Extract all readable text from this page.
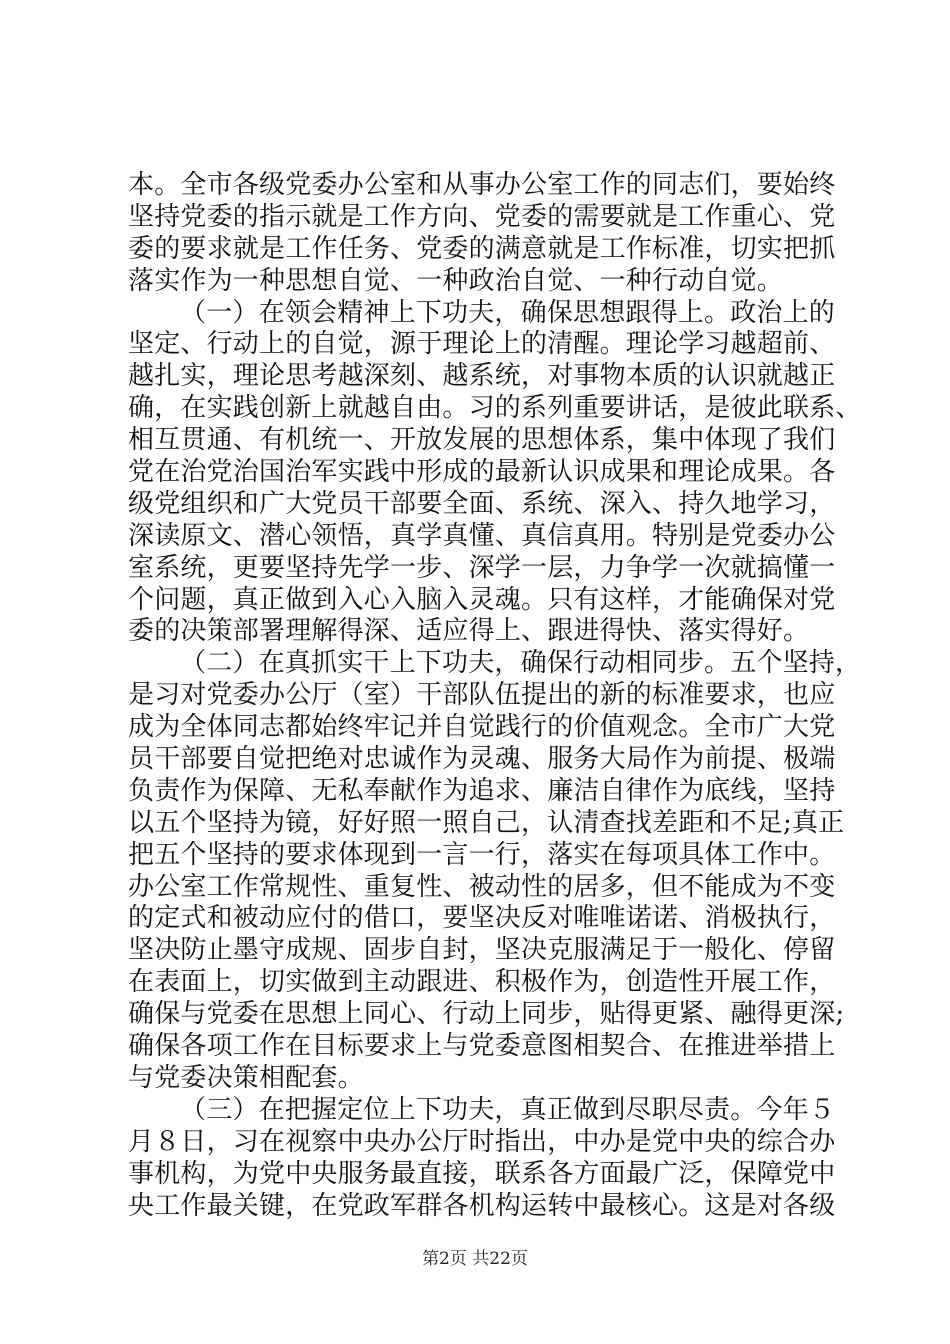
本。全市各级党委办公室和从事办公室工作的同志们，要始终
坚持党委的指示就是工作方向、党委的需要就是工作重心、党
委的要求就是工作任务、党委的满意就是工作标准，切实把抓
落实作为一种思想自觉、一种政治自觉、一种行动自觉。
（一）在领会精神上下功夫，确保思想跟得上。政治上的
坚定、行动上的自觉，源于理论上的清醒。理论学习越超前、
越扎实，理论思考越深刻、越系统，对事物本质的认识就越正
确，在实践创新上就越自由。习的系列重要讲话，是彼此联系、
相互贯通、有机统一、开放发展的思想体系，集中体现了我们
党在治党治国治军实践中形成的最新认识成果和理论成果。各
级党组织和广大党员干部要全面、系统、深入、持久地学习，
深读原文、潜心领悟，真学真懂、真信真用。特别是党委办公
室系统，更要坚持先学一步、深学一层，力争学一次就搞懂一
个问题，真正做到入心入脑入灵魂。只有这样，才能确保对党
委的决策部署理解得深、适应得上、跟进得快、落实得好。
（二）在真抓实干上下功夫，确保行动相同步。五个坚持，
是习对党委办公厅（室）干部队伍提出的新的标准要求，也应
成为全体同志都始终牢记并自觉践行的价值观念。全市广大党
员干部要自觉把绝对忠诚作为灵魂、服务大局作为前提、极端
负责作为保障、无私奉献作为追求、廉洁自律作为底线，坚持
以五个坚持为镜，好好照一照自己，认清查找差距和不足;真正
把五个坚持的要求体现到一言一行，落实在每项具体工作中。
办公室工作常规性、重复性、被动性的居多，但不能成为不变
的定式和被动应付的借口，要坚决反对唯唯诺诺、消极执行，
坚决防止墨守成规、固步自封，坚决克服满足于一般化、停留
在表面上，切实做到主动跟进、积极作为，创造性开展工作，
确保与党委在思想上同心、行动上同步，贴得更紧、融得更深;
确保各项工作在目标要求上与党委意图相契合、在推进举措上
与党委决策相配套。
（三）在把握定位上下功夫，真正做到尽职尽责。今年５
月８日，习在视察中央办公厅时指出，中办是党中央的综合办
事机构，为党中央服务最直接，联系各方面最广泛，保障党中
央工作最关键，在党政军群各机构运转中最核心。这是对各级
第2页 共22页
